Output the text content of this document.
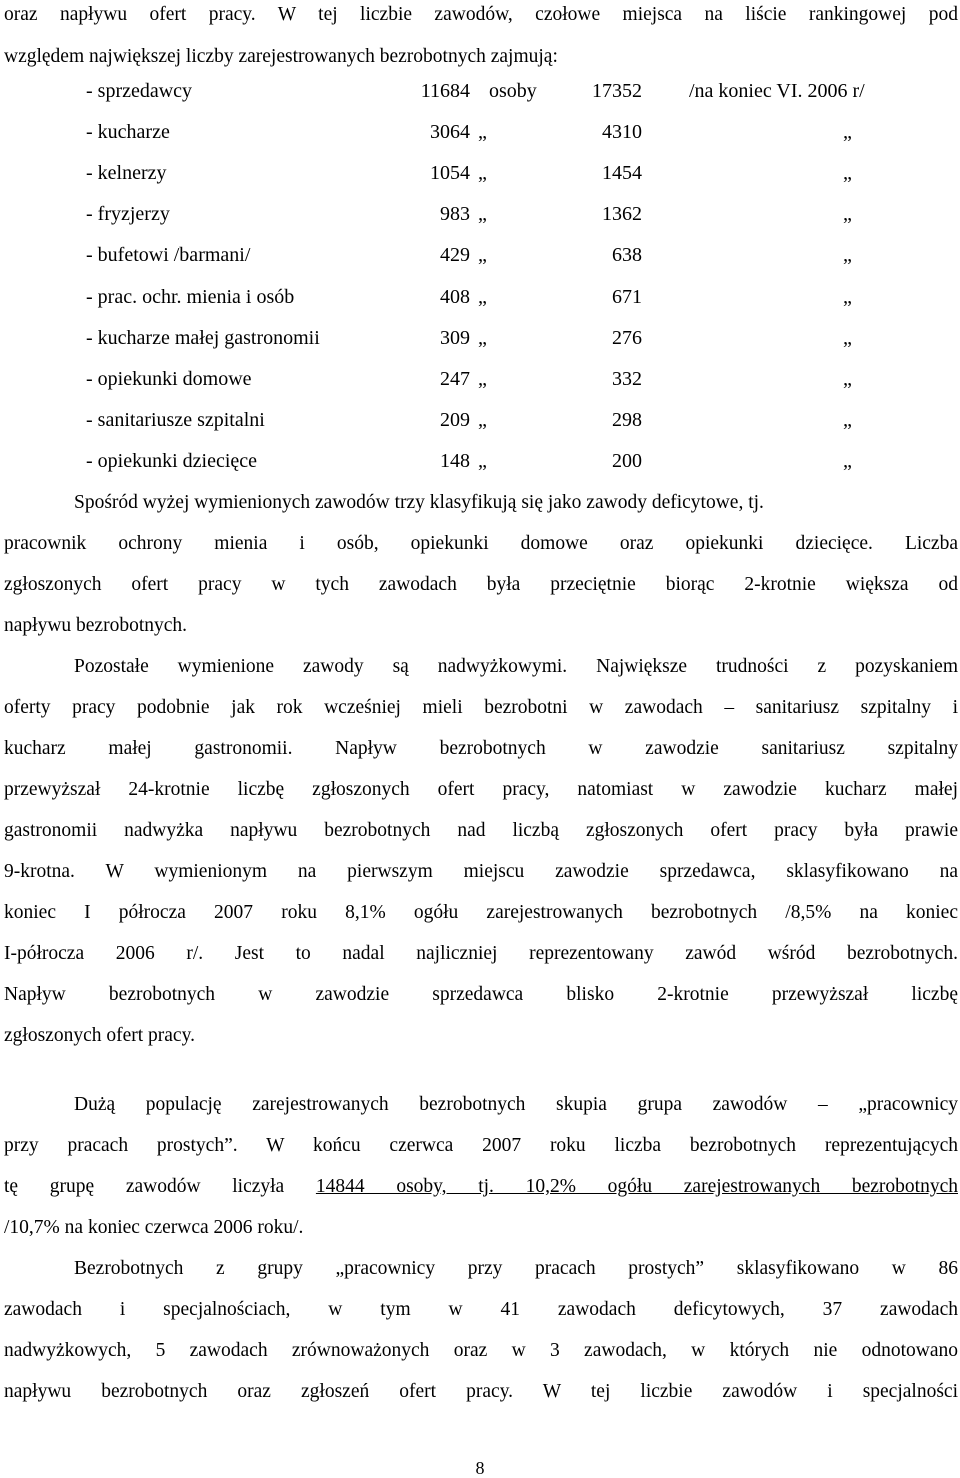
oraz napływu ofert pracy. W tej liczbie zawodów, czołowe miejsca na liście rankingowej pod
względem największej liczby zarejestrowanych bezrobotnych zajmują:
- sprzedawcy	11684 osoby	17352 /na koniec VI. 2006 r/
- kucharze	3064 „	4310	„
- kelnerzy	1054 „	1454	„
- fryzjerzy	983 „	1362	„
- bufetowi /barmani/	429 „	638	„
- prac. ochr. mienia i osób	408 „	671	„
- kucharze małej gastronomii	309 „	276	„
- opiekunki domowe	247 „	332	„
- sanitariusze szpitalni	209 „	298	„
- opiekunki dziecięce	148 „	200	„
Spośród wyżej wymienionych zawodów trzy klasyfikują się jako zawody deficytowe, tj.
pracownik ochrony mienia i osób, opiekunki domowe oraz opiekunki dziecięce. Liczba
zgłoszonych ofert pracy w tych zawodach była przeciętnie biorąc 2-krotnie większa od
napływu bezrobotnych.
Pozostałe wymienione zawody są nadwyżkowymi. Największe trudności z pozyskaniem
oferty pracy podobnie jak rok wcześniej mieli bezrobotni w zawodach – sanitariusz szpitalny i
kucharz małej gastronomii. Napływ bezrobotnych w zawodzie sanitariusz szpitalny
przewyższał 24-krotnie liczbę zgłoszonych ofert pracy, natomiast w zawodzie kucharz małej
gastronomii nadwyżka napływu bezrobotnych nad liczbą zgłoszonych ofert pracy była prawie
9-krotna. W wymienionym na pierwszym miejscu zawodzie sprzedawca, sklasyfikowano na
koniec I półrocza 2007 roku 8,1% ogółu zarejestrowanych bezrobotnych /8,5% na koniec
I-półrocza 2006 r/. Jest to nadal najliczniej reprezentowany zawód wśród bezrobotnych.
Napływ bezrobotnych w zawodzie sprzedawca blisko 2-krotnie przewyższał liczbę
zgłoszonych ofert pracy.
Dużą populację zarejestrowanych bezrobotnych skupia grupa zawodów – „pracownicy
przy pracach prostych”. W końcu czerwca 2007 roku liczba bezrobotnych reprezentujących
tę grupę zawodów liczyła 14844 osoby, tj. 10,2% ogółu zarejestrowanych bezrobotnych
/10,7% na koniec czerwca 2006 roku/.
Bezrobotnych z grupy „pracownicy przy pracach prostych” sklasyfikowano w 86
zawodach i specjalnościach, w tym w 41 zawodach deficytowych, 37 zawodach
nadwyżkowych, 5 zawodach zrównoważonych oraz w 3 zawodach, w których nie odnotowano
napływu bezrobotnych oraz zgłoszeń ofert pracy. W tej liczbie zawodów i specjalności
8
